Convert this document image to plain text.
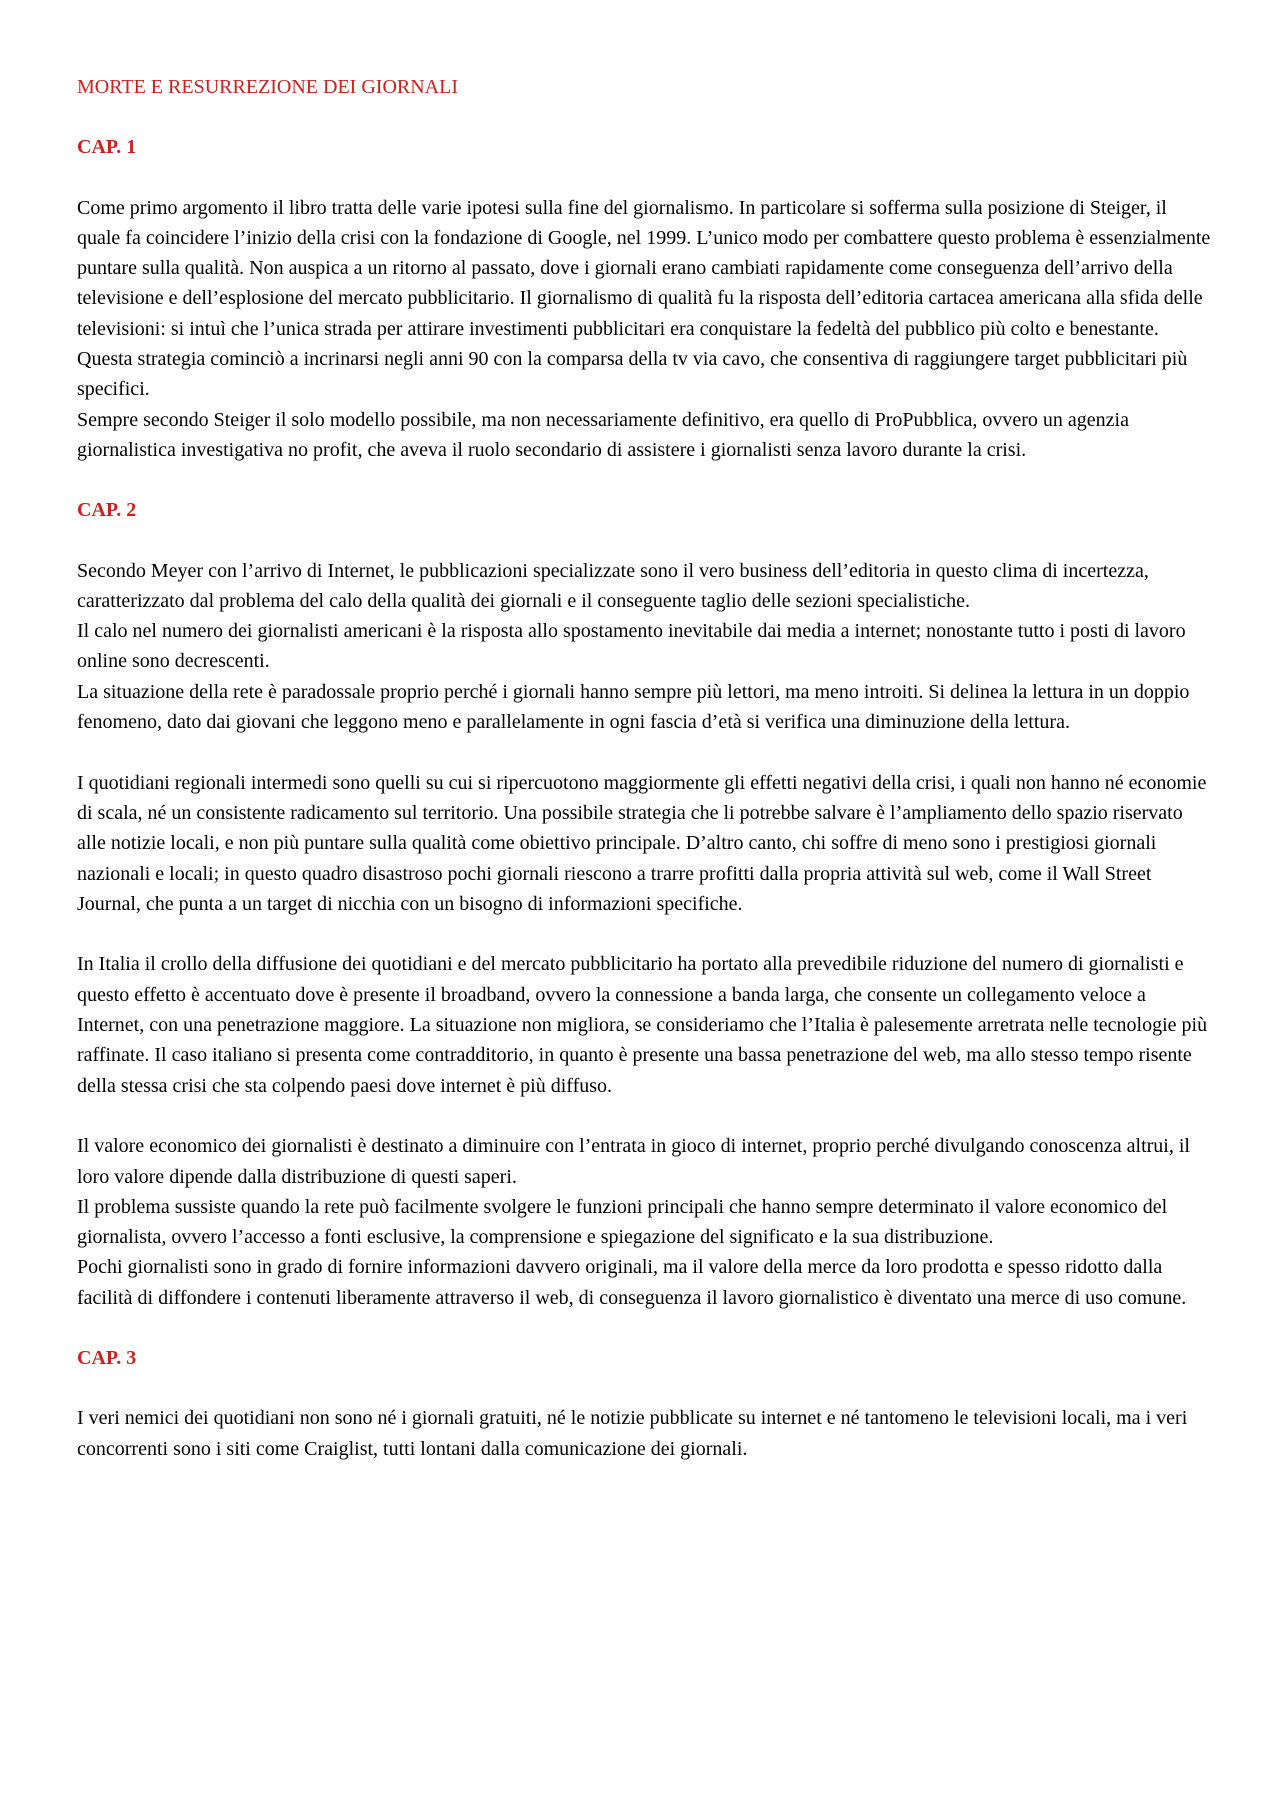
MORTE E RESURREZIONE DEI GIORNALI
CAP. 1

Come primo argomento il libro tratta delle varie ipotesi sulla fine del giornalismo. In particolare si sofferma sulla posizione di Steiger, il quale fa coincidere l’inizio della crisi con la fondazione di Google, nel 1999. L’unico modo per combattere questo problema è essenzialmente puntare sulla qualità. Non auspica a un ritorno al passato, dove i giornali erano cambiati rapidamente come conseguenza dell’arrivo della televisione e dell’esplosione del mercato pubblicitario. Il giornalismo di qualità fu la risposta dell’editoria cartacea americana alla sfida delle televisioni: si intuì che l’unica strada per attirare investimenti pubblicitari era conquistare la fedeltà del pubblico più colto e benestante. Questa strategia cominciò a incrinarsi negli anni 90 con la comparsa della tv via cavo, che consentiva di raggiungere target pubblicitari più specifici.

Sempre secondo Steiger il solo modello possibile, ma non necessariamente definitivo, era quello di ProPubblica, ovvero un agenzia giornalistica investigativa no profit, che aveva il ruolo secondario di assistere i giornalisti senza lavoro durante la crisi.

CAP. 2

Secondo Meyer con l’arrivo di Internet, le pubblicazioni specializzate sono il vero business dell’editoria in questo clima di incertezza, caratterizzato dal problema del calo della qualità dei giornali e il conseguente taglio delle sezioni specialistiche.

Il calo nel numero dei giornalisti americani è la risposta allo spostamento inevitabile dai media a internet; nonostante tutto i posti di lavoro online sono decrescenti.

La situazione della rete è paradossale proprio perché i giornali hanno sempre più lettori, ma meno introiti. Si delinea la lettura in un doppio fenomeno, dato dai giovani che leggono meno e parallelamente in ogni fascia d’età si verifica una diminuzione della lettura.

I quotidiani regionali intermedi sono quelli su cui si ripercuotono maggiormente gli effetti negativi della crisi, i quali non hanno né economie di scala, né un consistente radicamento sul territorio. Una possibile strategia che li potrebbe salvare è l’ampliamento dello spazio riservato alle notizie locali, e non più puntare sulla qualità come obiettivo principale. D’altro canto, chi soffre di meno sono i prestigiosi giornali nazionali e locali; in questo quadro disastroso pochi giornali riescono a trarre profitti dalla propria attività sul web, come il Wall Street Journal, che punta a un target di nicchia con un bisogno di informazioni specifiche.

In Italia il crollo della diffusione dei quotidiani e del mercato pubblicitario ha portato alla prevedibile riduzione del numero di giornalisti e questo effetto è accentuato dove è presente il broadband, ovvero la connessione a banda larga, che consente un collegamento veloce a Internet, con una penetrazione maggiore. La situazione non migliora, se consideriamo che l’Italia è palesemente arretrata nelle tecnologie più raffinate. Il caso italiano si presenta come contradditorio, in quanto è presente una bassa penetrazione del web, ma allo stesso tempo risente della stessa crisi che sta colpendo paesi dove internet è più diffuso.

Il valore economico dei giornalisti è destinato a diminuire con l’entrata in gioco di internet, proprio perché divulgando conoscenza altrui, il loro valore dipende dalla distribuzione di questi saperi.

Il problema sussiste quando la rete può facilmente svolgere le funzioni principali che hanno sempre determinato il valore economico del giornalista, ovvero l’accesso a fonti esclusive, la comprensione e spiegazione del significato e la sua distribuzione.

Pochi giornalisti sono in grado di fornire informazioni davvero originali, ma il valore della merce da loro prodotta e spesso ridotto dalla facilità di diffondere i contenuti liberamente attraverso il web, di conseguenza il lavoro giornalistico è diventato una merce di uso comune.

CAP. 3

I veri nemici dei quotidiani non sono né i giornali gratuiti, né le notizie pubblicate su internet e né tantomeno le televisioni locali, ma i veri concorrenti sono i siti come Craiglist, tutti lontani dalla comunicazione dei giornali.
